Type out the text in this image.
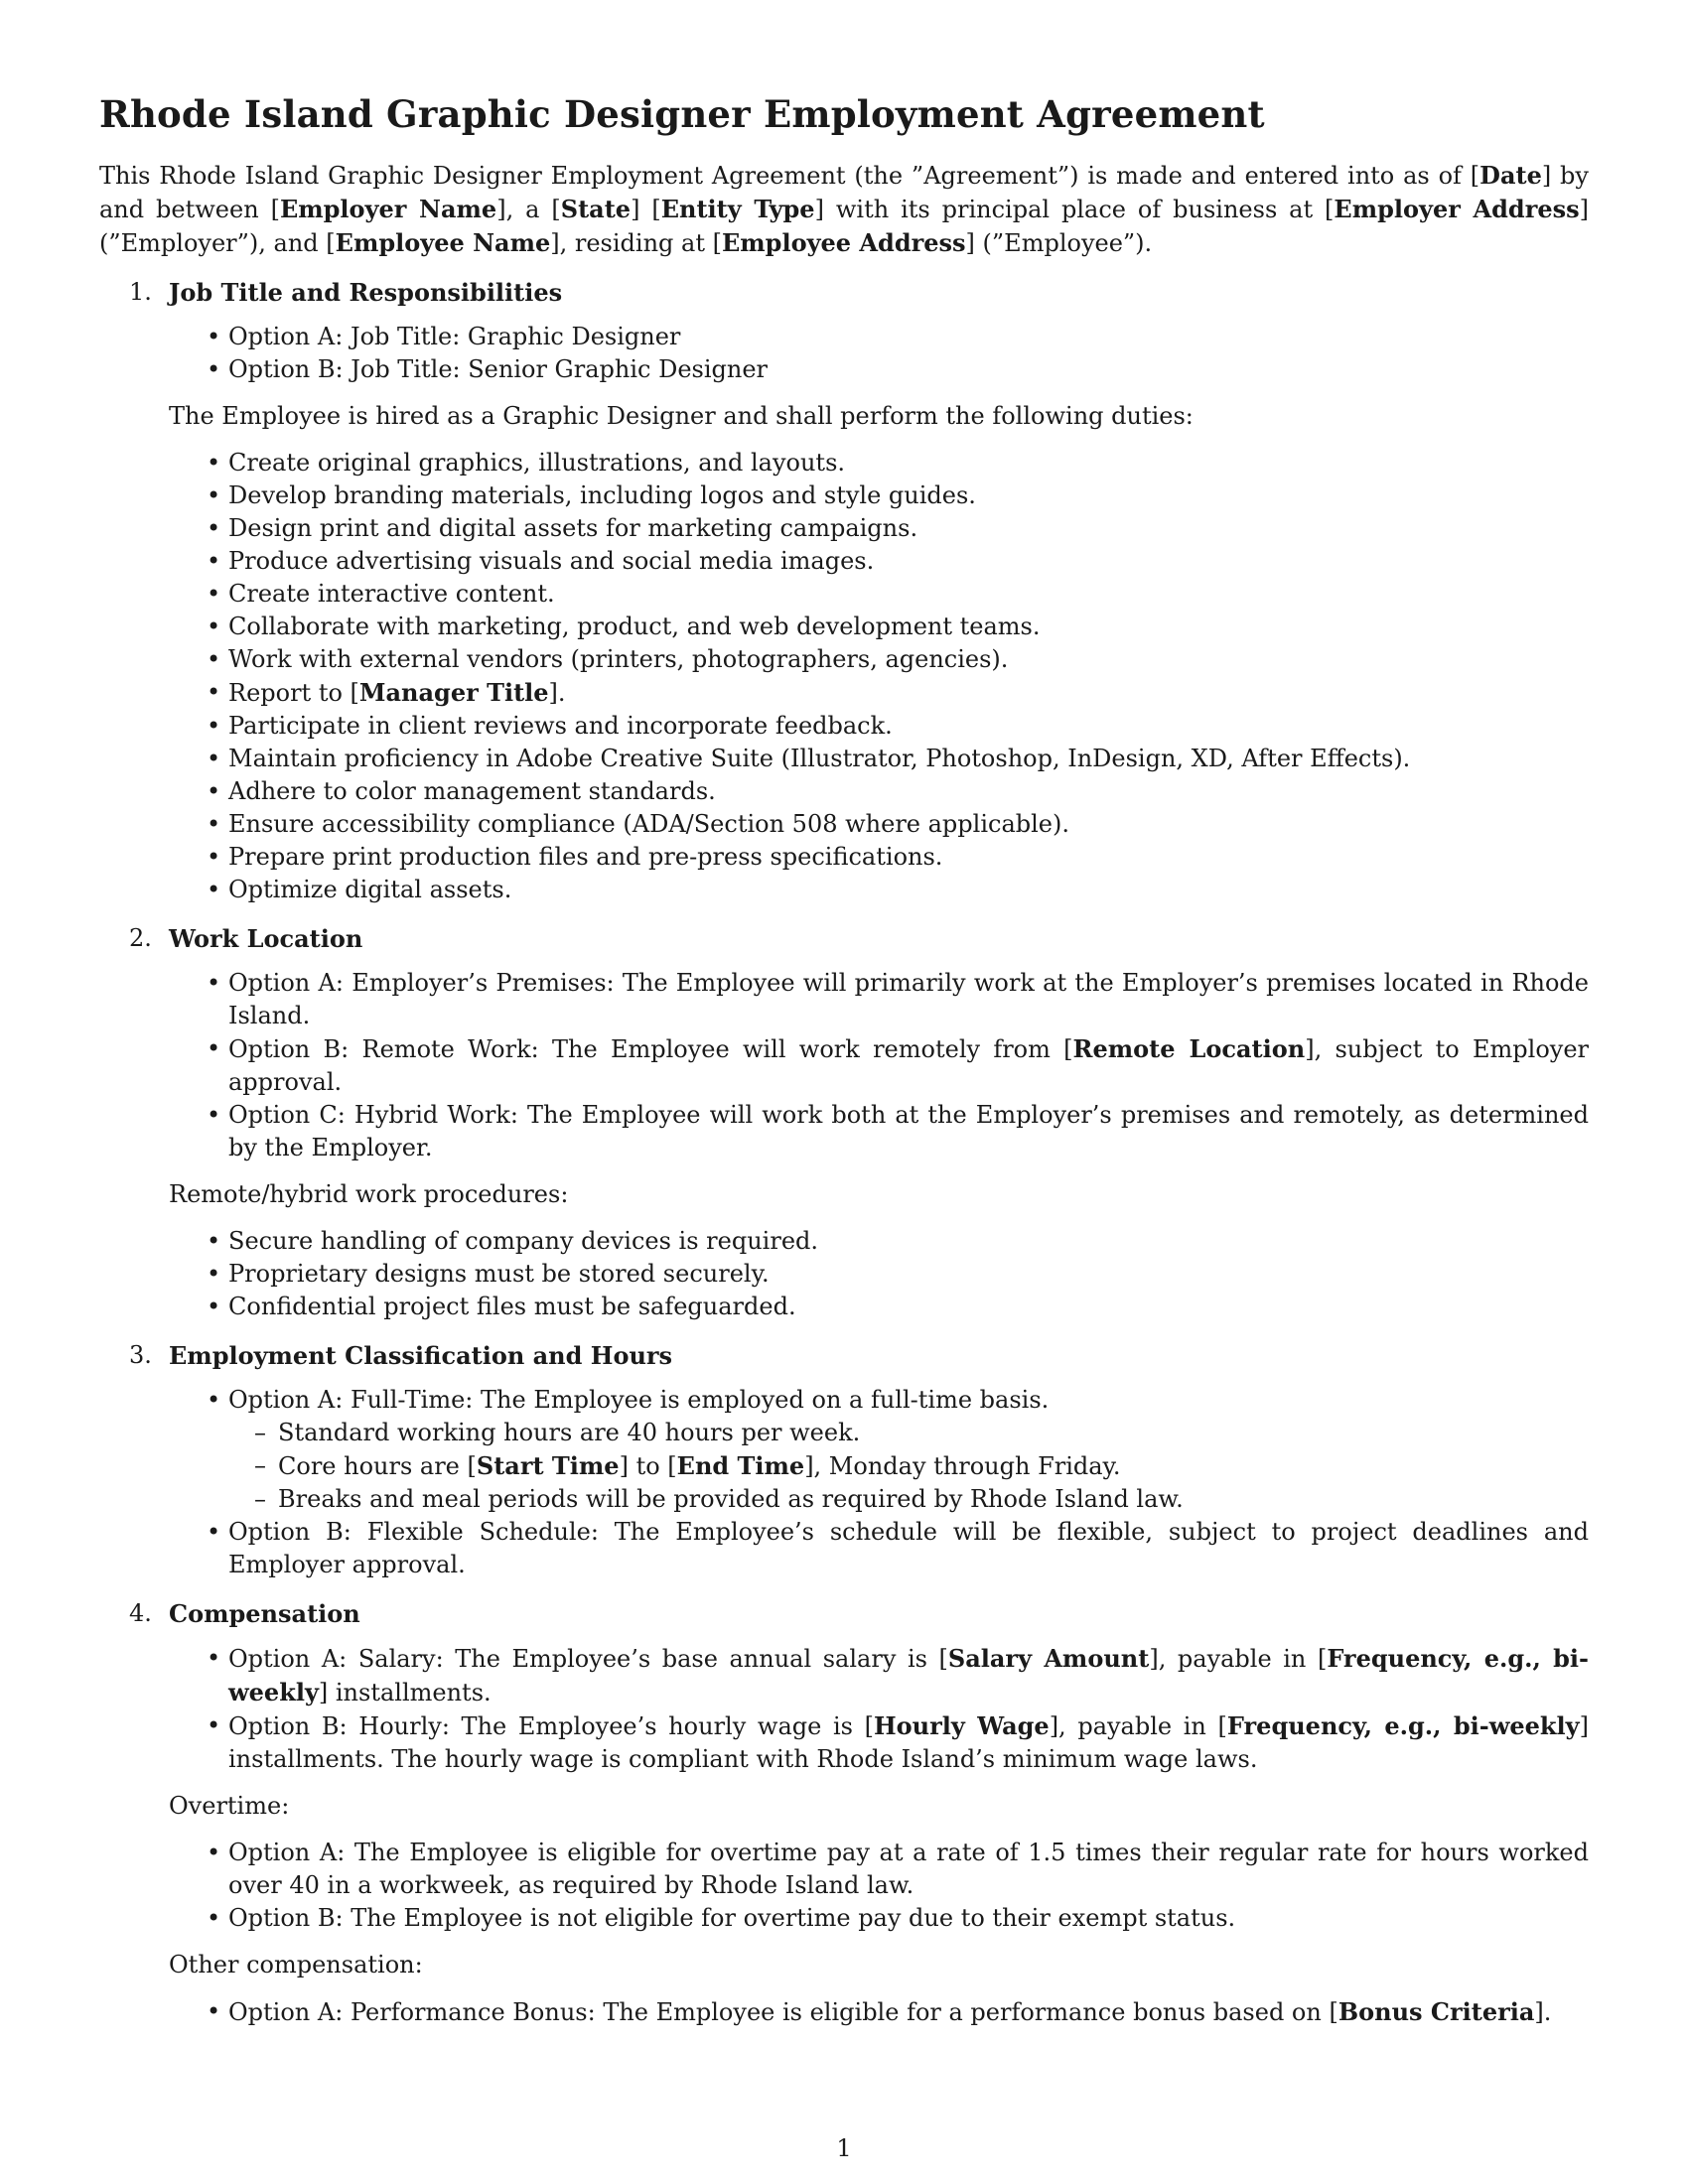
Rhode Island Graphic Designer Employment Agreement

This Rhode Island Graphic Designer Employment Agreement (the ”Agreement”) is made and entered into as of [Date] by and between [Employer Name], a [State] [Entity Type] with its principal place of business at [Employer Address] (”Employer”), and [Employee Name], residing at [Employee Address] (”Employee”).

1. Job Title and Responsibilities
• Option A: Job Title: Graphic Designer
• Option B: Job Title: Senior Graphic Designer

The Employee is hired as a Graphic Designer and shall perform the following duties:

• Create original graphics, illustrations, and layouts.
• Develop branding materials, including logos and style guides.
• Design print and digital assets for marketing campaigns.
• Produce advertising visuals and social media images.
• Create interactive content.
• Collaborate with marketing, product, and web development teams.
• Work with external vendors (printers, photographers, agencies).
• Report to [Manager Title].
• Participate in client reviews and incorporate feedback.
• Maintain proficiency in Adobe Creative Suite (Illustrator, Photoshop, InDesign, XD, After Effects).
• Adhere to color management standards.
• Ensure accessibility compliance (ADA/Section 508 where applicable).
• Prepare print production files and pre-press specifications.
• Optimize digital assets.
2. Work Location
• Option A: Employer’s Premises: The Employee will primarily work at the Employer’s premises located in Rhode Island.
• Option B: Remote Work: The Employee will work remotely from [Remote Location], subject to Employer approval.
• Option C: Hybrid Work: The Employee will work both at the Employer’s premises and remotely, as determined by the Employer.

Remote/hybrid work procedures:

• Secure handling of company devices is required.
• Proprietary designs must be stored securely.
• Confidential project files must be safeguarded.
3. Employment Classification and Hours
• Option A: Full-Time: The Employee is employed on a full-time basis.
– Standard working hours are 40 hours per week.
– Core hours are [Start Time] to [End Time], Monday through Friday.
– Breaks and meal periods will be provided as required by Rhode Island law.
• Option B: Flexible Schedule: The Employee’s schedule will be flexible, subject to project deadlines and Employer approval.
4. Compensation
• Option A: Salary: The Employee’s base annual salary is [Salary Amount], payable in [Frequency, e.g., bi-weekly] installments.
• Option B: Hourly: The Employee’s hourly wage is [Hourly Wage], payable in [Frequency, e.g., bi-weekly] installments. The hourly wage is compliant with Rhode Island’s minimum wage laws.

Overtime:

• Option A: The Employee is eligible for overtime pay at a rate of 1.5 times their regular rate for hours worked over 40 in a workweek, as required by Rhode Island law.
• Option B: The Employee is not eligible for overtime pay due to their exempt status.

Other compensation:

• Option A: Performance Bonus: The Employee is eligible for a performance bonus based on [Bonus Criteria].
1
